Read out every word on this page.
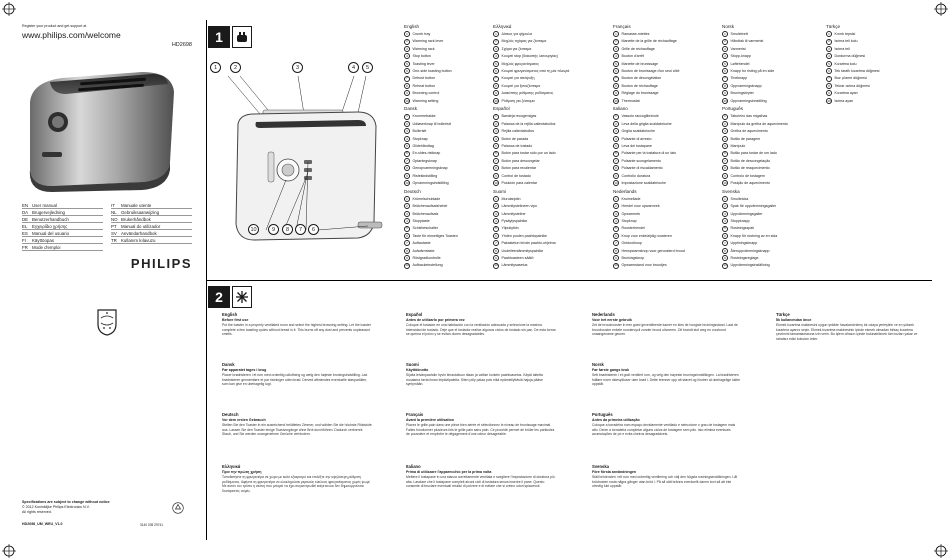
Register your product and get support at
www.philips.com/welcome
HD2698
EN User manual
DA Brugervejledning
DE Benutzerhandbuch
EL	Εγχειρίδιο χρήσης
ES Manual del usuario
FI	Käyttöopas
FR Mode d'emploi
IT	Manuale utente
NL Gebruiksaanwijzing
NO Brukerhåndbok
PT Manual do utilizador
SV Användarhandbok
TR Kullanım kılavuzu
PHILIPS
Specifications are subject to change without notice
© 2012 Koninklijke Philips Electronics N.V.
All rights reserved.
HD2698_UM_WEU_V1.0	3140 035 29741
1
1	2	3	4	5
10	9	8	7	6
English
1	Crumb tray
2	Warming rack lever
3	Warming rack
4	Stop button
5	Toasting lever
6	One-side toasting button
7	Defrost button
8	Reheat button
9	Browning control
10	Warming setting
Dansk
1	Krummebakke
2	Udløserknap til bolleristt
3	Bolleristt
4	Stopknap
5	Glidehåndtag
6	En-sides-ristknap
7	Optøningsknap
8	Genopvarmningsknap
9	Ristekindstilling
10	Opvarmningsindstilling
Deutsch
1	Krümelschublade
2	Brötchenaufsatzhebel
3	Brötchenaufsatz
4	Stopptaste
5	Schiebeschalter
6	Taste für einseitiges Toasten
7	Auftautaste
8	Aufwärmtaste
9	Röstgradkontrolle
10	Aufbackeinstellung
Ελληνικά
1	Δίσκος για ψίχουλα
2	Μοχλός σχάρας για ζέσταμα
3	Σχάρα για ζέσταμα
4	Κουμπί stop (διακοπής λειτουργίας)
5	Μοχλός φρυγανίσματος
6	Κουμπί φρυγανίσματος από τη μία πλευρά
7	Κουμπί για απόψυξη
8	Κουμπί για ξαναζέσταμα
9	Διακόπτης ρύθμισης ροδίσματος
10	Ρύθμιση για ζέσταμα
Español
1	Bandeja recogemigas
2	Palanca de la rejilla calientabollos
3	Rejilla calientabollos
4	Botón de parada
5	Palanca de tostado
6	Botón para tostar sólo por un lado
7	Botón para descongelar
8	Botón para recalentar
9	Control de tostado
10	Posición para calentar
Suomi
1	Murutarjotin
2	Lämmitystelineen vipu
3	Lämmitysteline
4	Pysäytyspainike
5	Ylipukytkin
6	Yhden puolen paahtopainike
7	Pakastetun leivän paahto-ohjelma
8	Uudelleenlämmityspainike
9	Paahtoasteen säätö
10	Lämmitysasetus
Français
1	Ramasse-miettes
2	Manette de la grille de réchauffage
3	Grille de réchauffage
4	Bouton d'arrêt
5	Manette de brunissage
6	Bouton de brunissage d'un seul côté
7	Bouton de décongélation
8	Bouton de réchauffage
9	Réglage du brunissage
10	Thermostat
Italiano
1	Vassoio raccoglibriciole
2	Leva della griglia scaldabrioche
3	Griglia scaldabrioche
4	Pulsante di arresto
5	Leva del tostapane
6	Pulsante per la tostatura di un lato
7	Pulsante scongelamento
8	Pulsante di riscaldamento
9	Controllo doratura
10	Impostazione scaldabrioche
Nederlands
1	Kruimellade
2	Hendel voor opwarmrek
3	Opwarmrek
4	Stopknop
5	Roosterhendel
6	Knop voor enkelzijdig roosteren
7	Ontdooiknop
8	Herwpwarmknop voor geroosterd brood
9	Bruiningsknop
10	Opwarmstand voor broodjes
Norsk
1	Smulebrett
2	Håndtak til varmerist
3	Varmerist
4	Stopp-knapp
5	Løftehendel
6	Knapp for risting på én side
7	Tineknapp
8	Oppvarmingsknapp
9	Bruningsbryter
10	Oppvarmingsinnstilling
Português
1	Tabuleiro das migalhas
2	Manípulo da grelha de aquecimento
3	Grelha de aquecimento
4	Botão de paragem
5	Manípulo
6	Botão para tostar de um lado
7	Botão de descongelação
8	Botão de reaquecimento
9	Controlo de tostagem
10	Posição de aquecimento
Svenska
1	Smulbricka
2	Spak för uppvärmningsgaller
3	Uppvärmningsgaller
4	Stoppknapp
5	Rostningsspak
6	Knapp för rostning av en sida
7	Upptiningsknapp
8	Återuppvärmningsknapp
9	Rostningsreglage
10	Uppvärmningsinställning
Türkçe
1	Kırıntı tepsisi
2	Isıtma teli kolu
3	Isıtma teli
4	Durdurma düğmesi
5	Kızartma kolu
6	Tek taraflı kızartma düğmesi
7	Buz çözme düğmesi
8	Tekrar ısıtma düğmesi
9	Kızartma ayarı
10	Isıtma ayarı
2
English
Before first use
Put the toaster in a properly ventilated room and select the highest browning setting. Let the toaster complete a few toasting cycles without bread in it. This burns off any dust and prevents unpleasant smells.
Español
Antes de utilizarlo por primera vez
Coloque el tostador en una habitación con la ventilación adecuada y seleccione la máxima intensidad de tostado. Deje que el tostador realice algunos ciclos de tostado sin pan. De esta forma se quema el polvo y se evitan olores desagradables.
Nederlands
Voor het eerste gebruik
Zet de broodrooster in een goed geventileerde kamer en kies de hoogste bruiningsstand. Laat de broodrooster enkele roostercycli zonder brood uitvoeren. Dit brandt stof weg en voorkomt onaangename geuren.
Türkçe
İlk kullanımdan önce
Ekmek kızartma makinesini uygun şekilde havalandırılmış bir odaya yerleştirin ve en yüksek kızartma ayarını seçin. Ekmek kızartma makinesinin içinde ekmek olmadan birkaç kızartma çevrimini tamamlamasına izin verin. Bu işlem cihazın içinde bulunabilecek tüm tozları yakar ve rahatsız edici kokuları önler.
Dansk
Før apparatet tages i brug
Placer brødristeren i et rum med ordentlig udluftning og vælg den højeste bruningsindstilling. Lad brødristeren gennemføre et par ristninger uden brød. Derved afbrændes eventuelle støvpartikler, som kan give en ubehagelig lugt.
Suomi
Käyttöönotto
Sijoita leivänpaahdin hyvin ilmastoituun tilaan ja valitse korkein paahtoasetus. Käytä laitetta muutama kerta ilman leipäviipaleita. Siten pöly palaa pois eikä epämiellyttäviä hajuja pääse syntymään.
Norsk
Før første gangs bruk
Sett brødristeren i et godt ventilert rom, og velg den høyeste bruningsinnstillingen. La brødristeren fullføre noen ristesykluser uten brød i. Dette brenner opp alt støvet og hindrer at ubehagelige lukter oppstår.
Deutsch
Vor dem ersten Gebrauch
Stellen Sie den Toaster in ein ausreichend belüftetes Zimmer, und wählen Sie die höchste Röststufe aus. Lassen Sie den Toaster einige Toastvorgänge ohne Brot durchführen. Dadurch verbrennt Staub, und Sie werden unangenehme Gerüche verhindern.
Français
Avant la première utilisation
Placez le grille-pain dans une pièce bien aérée et sélectionnez le niveau de brunissage maximal. Faites fonctionner plusieurs fois le grille-pain sans pain. Ce procédé permet de brûler les particules de poussière et empêche le dégagement d'une odeur désagréable.
Português
Antes da primeira utilização
Coloque a torradeira num espaço devidamente ventilado e seleccione o grau de tostagem mais alto. Deixe a torradeira completar alguns ciclos de tostagem sem pão. Isto elimina eventuais acumulações de pó e evita cheiros desagradáveis.
Ελληνικά
Πριν την πρώτη χρήση
Τοποθετήστε τη φρυγανιέρα σε χώρο με καλό εξαερισμό και επιλέξτε την υψηλότερη ρύθμιση ροδίσματος. Αφήστε τη φρυγανιέρα να ολοκληρώσει μερικούς κύκλους φρυγανίσματος χωρίς ψωμί. Με αυτόν τον τρόπο η σκόνη που μπορεί να έχει συγκεντρωθεί καίγεται και δεν δημιουργούνται δυσάρεστες οσμές.
Italiano
Prima di utilizzare l'apparecchio per la prima volta
Mettere il tostapane in una stanza correttamente ventilata e scegliere l'impostazione di doratura più alta. Lasciare che il tostapane completi alcuni cicli di tostatura senza inserire il pane. Questo consente di bruciare eventuali residui di polvere e di evitare che si creino odori spiacevoli.
Svenska
Före första användningen
Ställ brödrosten i ett rum med ordentlig ventilering och välj den högsta rostningsinställningen. Låt brödrosten rosta några gånger utan bröd i. På så sätt bränns eventuellt damm bort så att inte otrevlig lukt uppstår.
